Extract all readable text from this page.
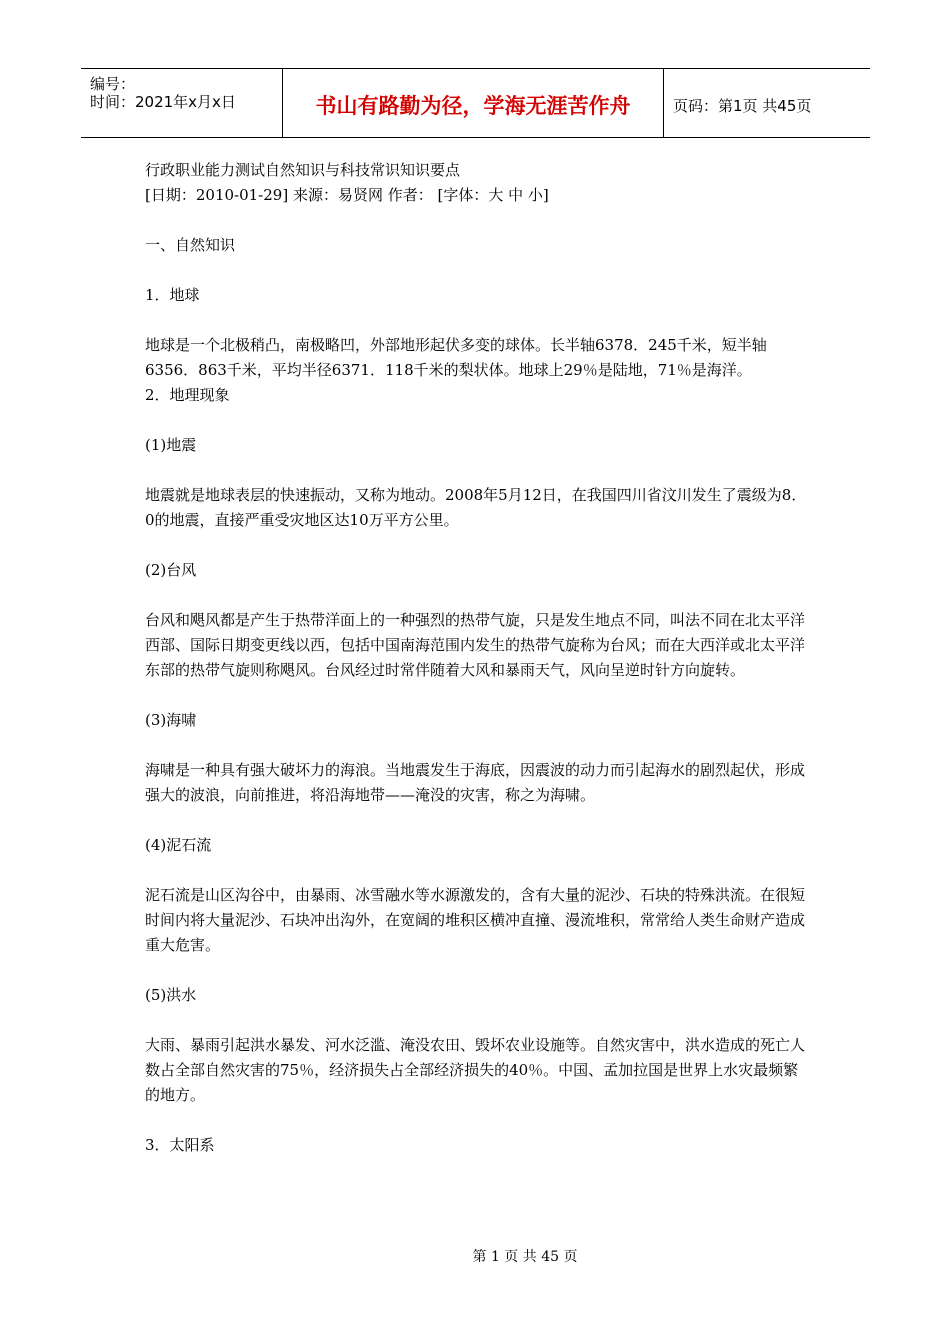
编号：
时间：2021年x月x日	书山有路勤为径，学海无涯苦作舟	页码：第1页 共45页

行政职业能力测试自然知识与科技常识知识要点

[日期：2010-01-29] 来源：易贤网 作者： [字体：大 中 小]

一、自然知识

1．地球

地球是一个北极稍凸，南极略凹，外部地形起伏多变的球体。长半轴6378．245千米，短半轴6356．863千米，平均半径6371．118千米的梨状体。地球上29％是陆地，71％是海洋。

2．地理现象

(1)地震

地震就是地球表层的快速振动，又称为地动。2008年5月12日，在我国四川省汶川发生了震级为8．0的地震，直接严重受灾地区达10万平方公里。

(2)台风

台风和飓风都是产生于热带洋面上的一种强烈的热带气旋，只是发生地点不同，叫法不同在北太平洋西部、国际日期变更线以西，包括中国南海范围内发生的热带气旋称为台风；而在大西洋或北太平洋东部的热带气旋则称飓风。台风经过时常伴随着大风和暴雨天气，风向呈逆时针方向旋转。

(3)海啸

海啸是一种具有强大破坏力的海浪。当地震发生于海底，因震波的动力而引起海水的剧烈起伏，形成强大的波浪，向前推进，将沿海地带——淹没的灾害，称之为海啸。

(4)泥石流

泥石流是山区沟谷中，由暴雨、冰雪融水等水源激发的，含有大量的泥沙、石块的特殊洪流。在很短时间内将大量泥沙、石块冲出沟外，在宽阔的堆积区横冲直撞、漫流堆积，常常给人类生命财产造成重大危害。

(5)洪水

大雨、暴雨引起洪水暴发、河水泛滥、淹没农田、毁坏农业设施等。自然灾害中，洪水造成的死亡人数占全部自然灾害的75％，经济损失占全部经济损失的40％。中国、孟加拉国是世界上水灾最频繁的地方。

3．太阳系

第 1 页 共 45 页
